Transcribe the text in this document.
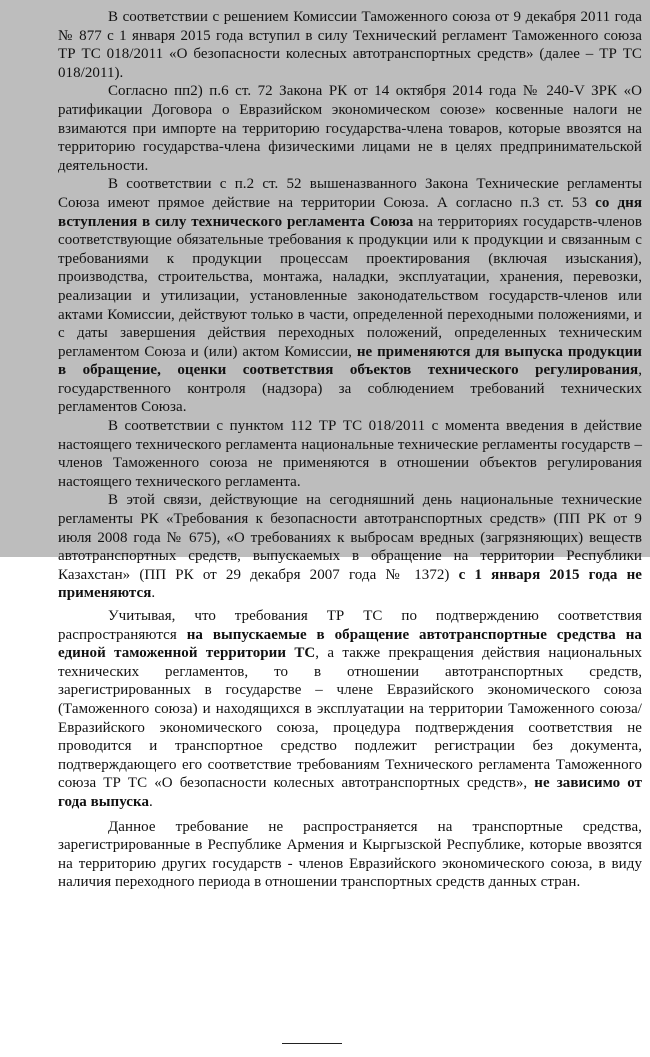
В соответствии с решением Комиссии Таможенного союза от 9 декабря 2011 года № 877 с 1 января 2015 года вступил в силу Технический регламент Таможенного союза ТР ТС 018/2011 «О безопасности колесных автотранспортных средств» (далее – ТР ТС 018/2011).

Согласно пп2) п.6 ст. 72 Закона РК от 14 октября 2014 года № 240-V ЗРК «О ратификации Договора о Евразийском экономическом союзе» косвенные налоги не взимаются при импорте на территорию государства-члена товаров, которые ввозятся на территорию государства-члена физическими лицами не в целях предпринимательской деятельности.

В соответствии с п.2 ст. 52 вышеназванного Закона Технические регламенты Союза имеют прямое действие на территории Союза. А согласно п.3 ст. 53 со дня вступления в силу технического регламента Союза на территориях государств-членов соответствующие обязательные требования к продукции или к продукции и связанным с требованиями к продукции процессам проектирования (включая изыскания), производства, строительства, монтажа, наладки, эксплуатации, хранения, перевозки, реализации и утилизации, установленные законодательством государств-членов или актами Комиссии, действуют только в части, определенной переходными положениями, и с даты завершения действия переходных положений, определенных техническим регламентом Союза и (или) актом Комиссии, не применяются для выпуска продукции в обращение, оценки соответствия объектов технического регулирования, государственного контроля (надзора) за соблюдением требований технических регламентов Союза.

В соответствии с пунктом 112 ТР ТС 018/2011 с момента введения в действие настоящего технического регламента национальные технические регламенты государств – членов Таможенного союза не применяются в отношении объектов регулирования настоящего технического регламента.

В этой связи, действующие на сегодняшний день национальные технические регламенты РК «Требования к безопасности автотранспортных средств» (ПП РК от 9 июля 2008 года № 675), «О требованиях к выбросам вредных (загрязняющих) веществ автотранспортных средств, выпускаемых в обращение на территории Республики Казахстан» (ПП РК от 29 декабря 2007 года № 1372) с 1 января 2015 года не применяются.

Учитывая, что требования ТР ТС по подтверждению соответствия распространяются на выпускаемые в обращение автотранспортные средства на единой таможенной территории ТС, а также прекращения действия национальных технических регламентов, то в отношении автотранспортных средств, зарегистрированных в государстве – члене Евразийского экономического союза (Таможенного союза) и находящихся в эксплуатации на территории Таможенного союза/ Евразийского экономического союза, процедура подтверждения соответствия не проводится и транспортное средство подлежит регистрации без документа, подтверждающего его соответствие требованиям Технического регламента Таможенного союза ТР ТС «О безопасности колесных автотранспортных средств», не зависимо от года выпуска.

Данное требование не распространяется на транспортные средства, зарегистрированные в Республике Армения и Кыргызской Республике, которые ввозятся на территорию других государств - членов Евразийского экономического союза, в виду наличия переходного периода в отношении транспортных средств данных стран.
